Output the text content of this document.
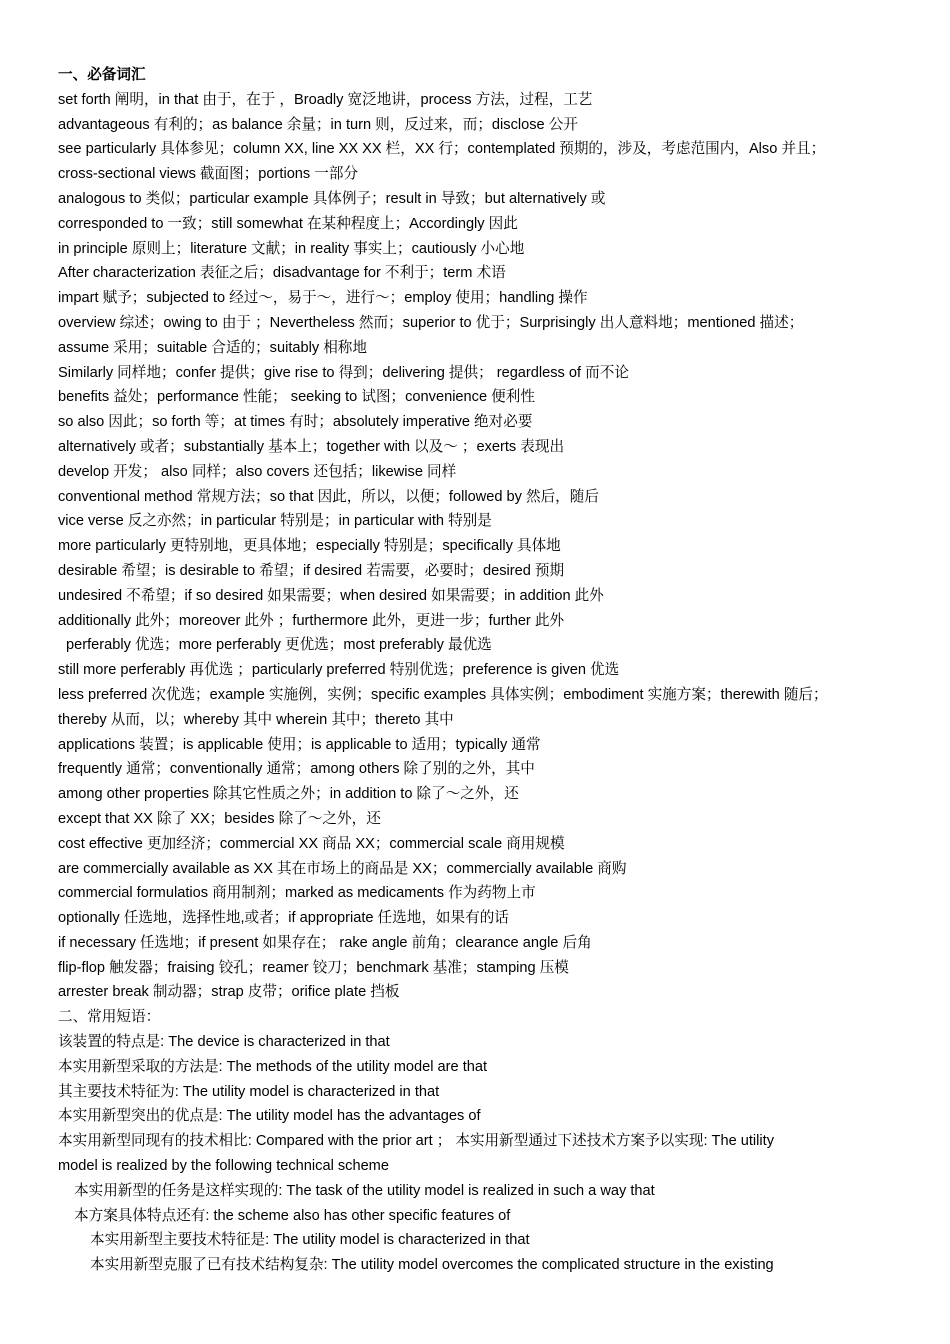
一、必备词汇
set forth 阐明，in that 由于，在于 ，Broadly 宽泛地讲，process 方法，过程，工艺
advantageous 有利的；as balance 余量；in turn 则，反过来，而；disclose 公开
see particularly 具体参见；column XX, line XX XX 栏，XX 行；contemplated 预期的，涉及，考虑范围内，Also 并且；
cross-sectional views 截面图；portions 一部分
analogous to 类似；particular example 具体例子；result in 导致；but alternatively 或
corresponded to 一致；still somewhat 在某种程度上；Accordingly 因此
in principle 原则上；literature 文献；in reality 事实上；cautiously 小心地
After characterization 表征之后；disadvantage for 不利于；term 术语
impart 赋予；subjected to 经过～，易于～，进行～；employ 使用；handling 操作
overview 综述；owing to 由于 ；Nevertheless 然而；superior to 优于；Surprisingly 出人意料地；mentioned 描述；
assume 采用；suitable 合适的；suitably 相称地
Similarly 同样地；confer 提供；give rise to 得到；delivering 提供； regardless of 而不论
benefits 益处；performance 性能； seeking to 试图；convenience 便利性
so also 因此；so forth 等；at times 有时；absolutely imperative 绝对必要
alternatively 或者；substantially 基本上；together with 以及～ ；exerts 表现出
develop 开发； also 同样；also covers 还包括；likewise 同样
conventional method 常规方法；so that 因此，所以，以便；followed by 然后，随后
vice verse 反之亦然；in particular 特别是；in particular with 特别是
more particularly 更特别地，更具体地；especially 特别是；specifically 具体地
desirable 希望；is desirable to 希望；if desired 若需要，必要时；desired 预期
undesired 不希望；if so desired 如果需要；when desired 如果需要；in addition 此外
additionally 此外；moreover 此外 ；furthermore 此外，更进一步；further 此外
perferably 优选；more perferably 更优选；most preferably 最优选
still more perferably 再优选 ；particularly preferred 特别优选；preference is given 优选
less preferred 次优选；example 实施例，实例；specific examples 具体实例；embodiment 实施方案；therewith 随后；
thereby 从而，以；whereby 其中 wherein 其中；thereto 其中
applications 装置；is applicable 使用；is applicable to 适用；typically 通常
frequently 通常；conventionally 通常；among others 除了别的之外，其中
among other properties 除其它性质之外；in addition to 除了～之外，还
except that XX 除了 XX；besides 除了～之外，还
cost effective 更加经济；commercial XX 商品 XX；commercial scale 商用规模
are commercially available as XX 其在市场上的商品是 XX；commercially available 商购
commercial formulatios 商用制剂；marked as medicaments 作为药物上市
optionally 任选地，选择性地,或者；if appropriate 任选地，如果有的话
if necessary 任选地；if present 如果存在； rake angle 前角；clearance angle 后角
flip-flop 触发器；fraising 铰孔；reamer 铰刀；benchmark 基准；stamping 压模
arrester break 制动器；strap 皮带；orifice plate 挡板
二、常用短语：
该装置的特点是: The device is characterized in that
本实用新型采取的方法是: The methods of the utility model are that
其主要技术特征为: The utility model is characterized in that
本实用新型突出的优点是: The utility model has the advantages of
本实用新型同现有的技术相比: Compared with the prior art ； 本实用新型通过下述技术方案予以实现: The utility
model is realized by the following technical scheme
本实用新型的任务是这样实现的: The task of the utility model is realized in such a way that
本方案具体特点还有: the scheme also has other specific features of
本实用新型主要技术特征是: The utility model is characterized in that
本实用新型克服了已有技术结构复杂: The utility model overcomes the complicated structure in the existing
